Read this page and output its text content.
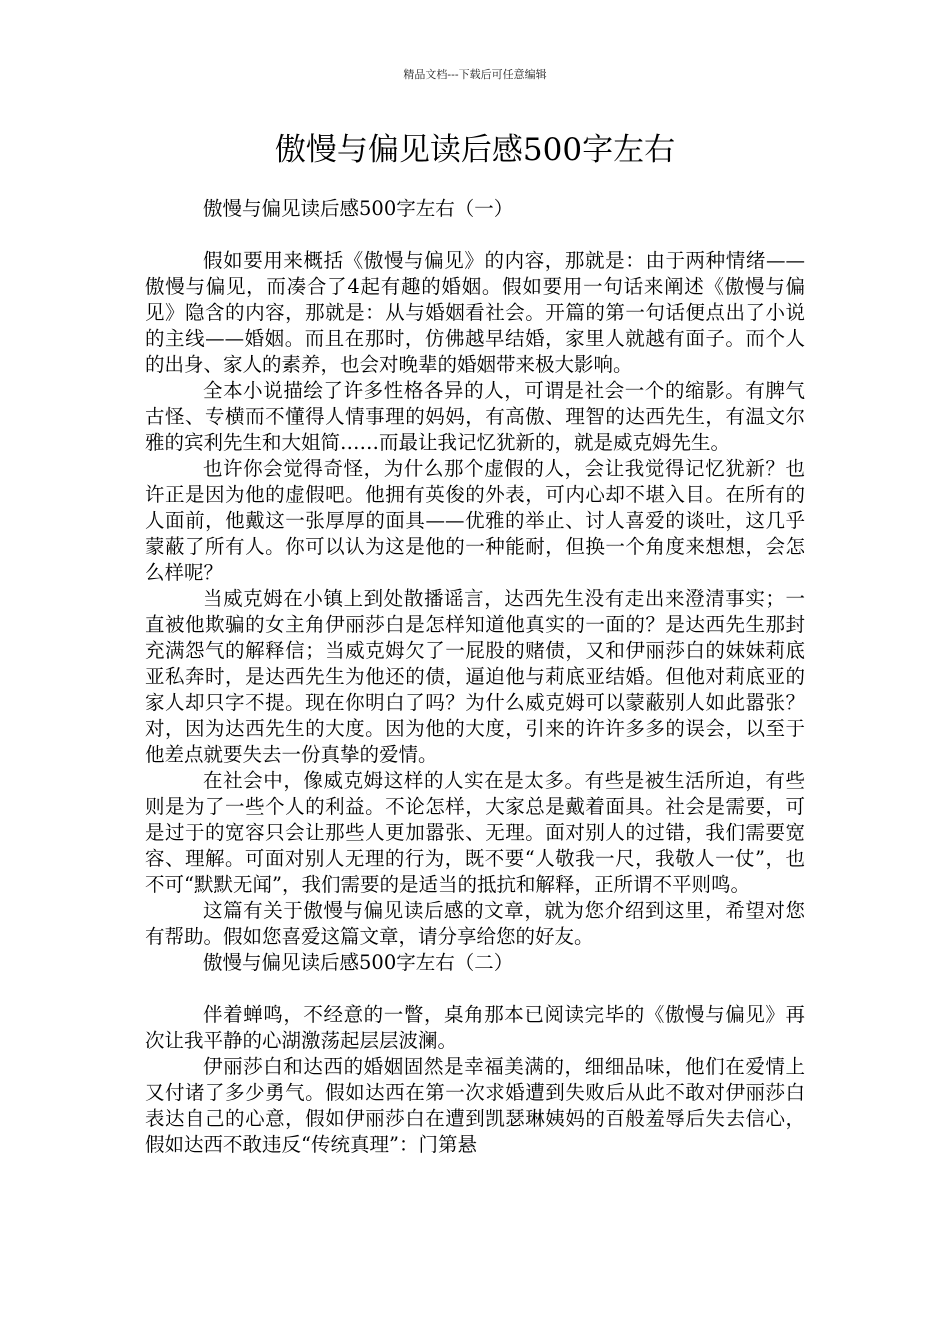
精品文档---下载后可任意编辑
傲慢与偏见读后感500字左右
傲慢与偏见读后感500字左右（一）

假如要用来概括《傲慢与偏见》的内容，那就是：由于两种情绪——傲慢与偏见，而凑合了4起有趣的婚姻。假如要用一句话来阐述《傲慢与偏见》隐含的内容，那就是：从与婚姻看社会。开篇的第一句话便点出了小说的主线——婚姻。而且在那时，仿佛越早结婚，家里人就越有面子。而个人的出身、家人的素养，也会对晚辈的婚姻带来极大影响。

全本小说描绘了许多性格各异的人，可谓是社会一个的缩影。有脾气古怪、专横而不懂得人情事理的妈妈，有高傲、理智的达西先生，有温文尔雅的宾利先生和大姐简……而最让我记忆犹新的，就是威克姆先生。

也许你会觉得奇怪，为什么那个虚假的人，会让我觉得记忆犹新？也许正是因为他的虚假吧。他拥有英俊的外表，可内心却不堪入目。在所有的人面前，他戴这一张厚厚的面具——优雅的举止、讨人喜爱的谈吐，这几乎蒙蔽了所有人。你可以认为这是他的一种能耐，但换一个角度来想想，会怎么样呢？

当威克姆在小镇上到处散播谣言，达西先生没有走出来澄清事实；一直被他欺骗的女主角伊丽莎白是怎样知道他真实的一面的？是达西先生那封充满怨气的解释信；当威克姆欠了一屁股的赌债，又和伊丽莎白的妹妹莉底亚私奔时，是达西先生为他还的债，逼迫他与莉底亚结婚。但他对莉底亚的家人却只字不提。现在你明白了吗？为什么威克姆可以蒙蔽别人如此嚣张？对，因为达西先生的大度。因为他的大度，引来的许许多多的误会，以至于他差点就要失去一份真挚的爱情。

在社会中，像威克姆这样的人实在是太多。有些是被生活所迫，有些则是为了一些个人的利益。不论怎样，大家总是戴着面具。社会是需要，可是过于的宽容只会让那些人更加嚣张、无理。面对别人的过错，我们需要宽容、理解。可面对别人无理的行为，既不要“人敬我一尺，我敬人一仗”，也不可“默默无闻”，我们需要的是适当的抵抗和解释，正所谓不平则鸣。

这篇有关于傲慢与偏见读后感的文章，就为您介绍到这里，希望对您有帮助。假如您喜爱这篇文章，请分享给您的好友。

傲慢与偏见读后感500字左右（二）

伴着蝉鸣，不经意的一瞥，桌角那本已阅读完毕的《傲慢与偏见》再次让我平静的心湖激荡起层层波澜。

伊丽莎白和达西的婚姻固然是幸福美满的，细细品味，他们在爱情上又付诸了多少勇气。假如达西在第一次求婚遭到失败后从此不敢对伊丽莎白表达自己的心意，假如伊丽莎白在遭到凯瑟琳姨妈的百般羞辱后失去信心，假如达西不敢违反“传统真理”：门第悬
